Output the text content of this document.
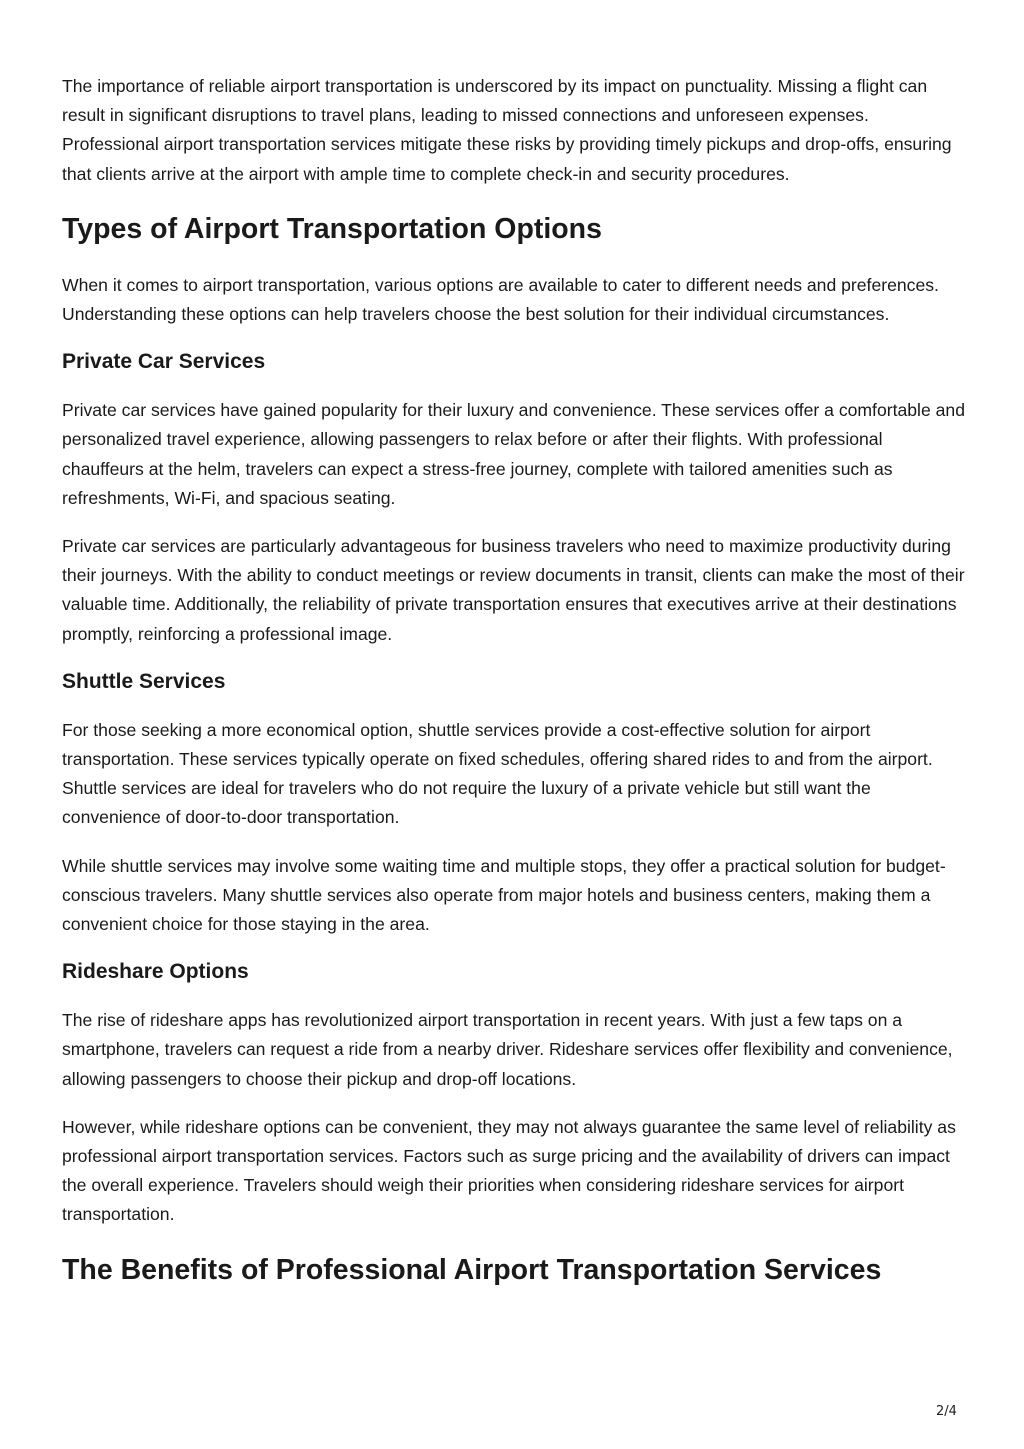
The importance of reliable airport transportation is underscored by its impact on punctuality. Missing a flight can result in significant disruptions to travel plans, leading to missed connections and unforeseen expenses. Professional airport transportation services mitigate these risks by providing timely pickups and drop-offs, ensuring that clients arrive at the airport with ample time to complete check-in and security procedures.

Types of Airport Transportation Options

When it comes to airport transportation, various options are available to cater to different needs and preferences. Understanding these options can help travelers choose the best solution for their individual circumstances.

Private Car Services

Private car services have gained popularity for their luxury and convenience. These services offer a comfortable and personalized travel experience, allowing passengers to relax before or after their flights. With professional chauffeurs at the helm, travelers can expect a stress-free journey, complete with tailored amenities such as refreshments, Wi-Fi, and spacious seating.

Private car services are particularly advantageous for business travelers who need to maximize productivity during their journeys. With the ability to conduct meetings or review documents in transit, clients can make the most of their valuable time. Additionally, the reliability of private transportation ensures that executives arrive at their destinations promptly, reinforcing a professional image.

Shuttle Services

For those seeking a more economical option, shuttle services provide a cost-effective solution for airport transportation. These services typically operate on fixed schedules, offering shared rides to and from the airport. Shuttle services are ideal for travelers who do not require the luxury of a private vehicle but still want the convenience of door-to-door transportation.

While shuttle services may involve some waiting time and multiple stops, they offer a practical solution for budget-conscious travelers. Many shuttle services also operate from major hotels and business centers, making them a convenient choice for those staying in the area.

Rideshare Options

The rise of rideshare apps has revolutionized airport transportation in recent years. With just a few taps on a smartphone, travelers can request a ride from a nearby driver. Rideshare services offer flexibility and convenience, allowing passengers to choose their pickup and drop-off locations.

However, while rideshare options can be convenient, they may not always guarantee the same level of reliability as professional airport transportation services. Factors such as surge pricing and the availability of drivers can impact the overall experience. Travelers should weigh their priorities when considering rideshare services for airport transportation.

The Benefits of Professional Airport Transportation Services
2/4
